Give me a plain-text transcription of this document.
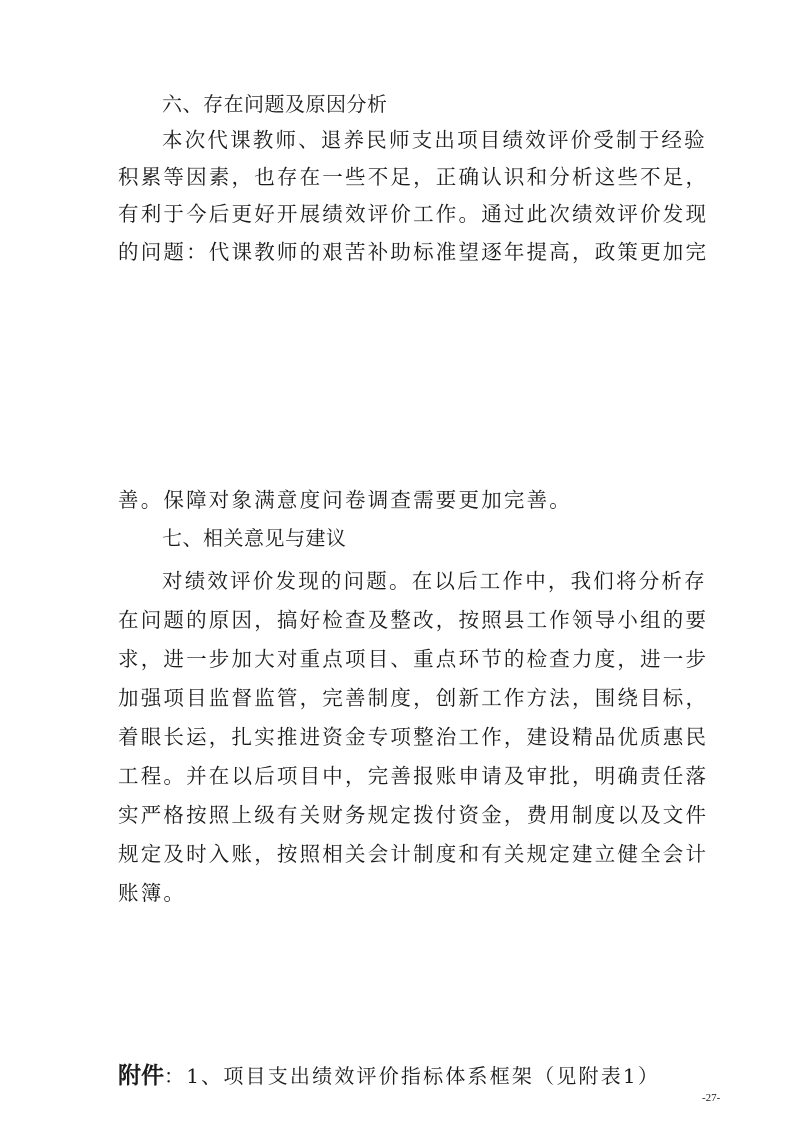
六、存在问题及原因分析
本次代课教师、退养民师支出项目绩效评价受制于经验
积累等因素，也存在一些不足，正确认识和分析这些不足，
有利于今后更好开展绩效评价工作。通过此次绩效评价发现
的问题：代课教师的艰苦补助标准望逐年提高，政策更加完
善。保障对象满意度问卷调查需要更加完善。
七、相关意见与建议
对绩效评价发现的问题。在以后工作中，我们将分析存
在问题的原因，搞好检查及整改，按照县工作领导小组的要
求，进一步加大对重点项目、重点环节的检查力度，进一步
加强项目监督监管，完善制度，创新工作方法，围绕目标，
着眼长运，扎实推进资金专项整治工作，建设精品优质惠民
工程。并在以后项目中，完善报账申请及审批，明确责任落
实严格按照上级有关财务规定拨付资金，费用制度以及文件
规定及时入账，按照相关会计制度和有关规定建立健全会计
账簿。
附件：1、项目支出绩效评价指标体系框架（见附表1）
-27-
